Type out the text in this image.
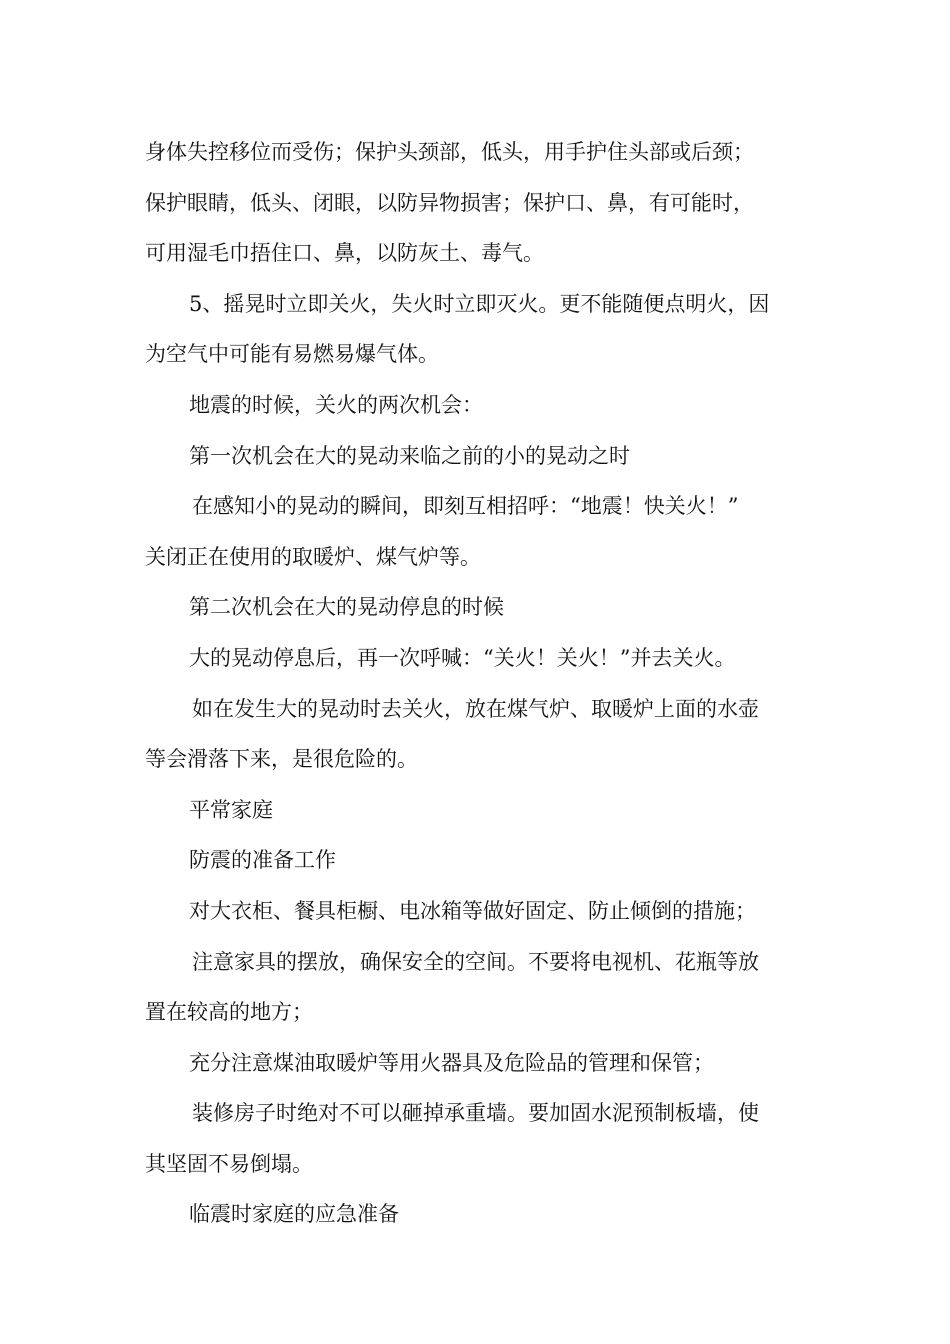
身体失控移位而受伤；保护头颈部，低头，用手护住头部或后颈；
保护眼睛，低头、闭眼，以防异物损害；保护口、鼻，有可能时，
可用湿毛巾捂住口、鼻，以防灰土、毒气。
5、摇晃时立即关火，失火时立即灭火。更不能随便点明火，因
为空气中可能有易燃易爆气体。
地震的时候，关火的两次机会：
第一次机会在大的晃动来临之前的小的晃动之时
在感知小的晃动的瞬间，即刻互相招呼：“地震！快关火！”
关闭正在使用的取暖炉、煤气炉等。
第二次机会在大的晃动停息的时候
大的晃动停息后，再一次呼喊：“关火！关火！”并去关火。
如在发生大的晃动时去关火，放在煤气炉、取暖炉上面的水壶
等会滑落下来，是很危险的。
平常家庭
防震的准备工作
对大衣柜、餐具柜橱、电冰箱等做好固定、防止倾倒的措施；
注意家具的摆放，确保安全的空间。不要将电视机、花瓶等放
置在较高的地方；
充分注意煤油取暖炉等用火器具及危险品的管理和保管；
装修房子时绝对不可以砸掉承重墙。要加固水泥预制板墙，使
其坚固不易倒塌。
临震时家庭的应急准备
